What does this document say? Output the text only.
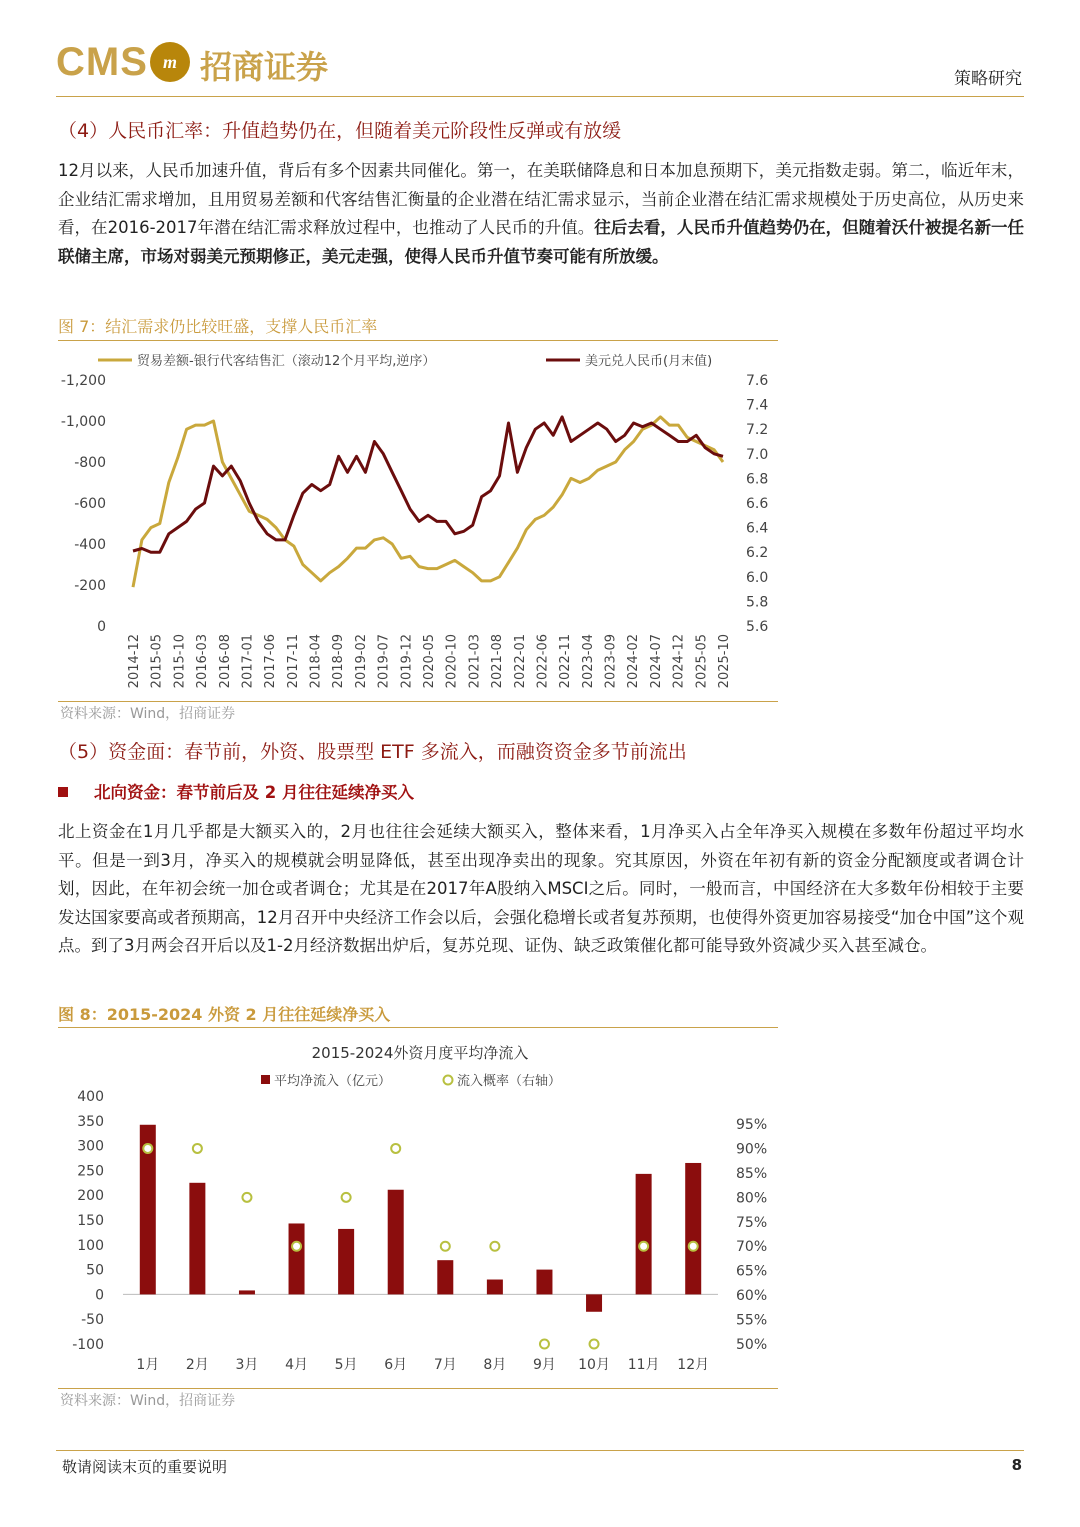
CMS m 招商证券	策略研究
（4）人民币汇率：升值趋势仍在，但随着美元阶段性反弹或有放缓
12月以来，人民币加速升值，背后有多个因素共同催化。第一，在美联储降息和日本加息预期下，美元指数走弱。第二，临近年末，企业结汇需求增加，且用贸易差额和代客结售汇衡量的企业潜在结汇需求显示，当前企业潜在结汇需求规模处于历史高位，从历史来看，在2016-2017年潜在结汇需求释放过程中，也推动了人民币的升值。往后去看，人民币升值趋势仍在，但随着沃什被提名新一任联储主席，市场对弱美元预期修正，美元走强，使得人民币升值节奏可能有所放缓。
图 7：结汇需求仍比较旺盛，支撑人民币汇率
贸易差额-银行代客结售汇（滚动12个月平均,逆序）	美元兑人民币(月末值)
-1,200
-1,000
-800
-600
-400
-200
0
7.6
7.4
7.2
7.0
6.8
6.6
6.4
6.2
6.0
5.8
5.6
2014-12 2015-05 2015-10 2016-03 2016-08 2017-01 2017-06 2017-11 2018-04 2018-09 2019-02 2019-07 2019-12 2020-05 2020-10 2021-03 2021-08 2022-01 2022-06 2022-11 2023-04 2023-09 2024-02 2024-07 2024-12 2025-05 2025-10
资料来源：Wind，招商证券
（5）资金面：春节前，外资、股票型 ETF 多流入，而融资资金多节前流出
北向资金：春节前后及 2 月往往延续净买入
北上资金在1月几乎都是大额买入的，2月也往往会延续大额买入，整体来看，1月净买入占全年净买入规模在多数年份超过平均水平。但是一到3月，净买入的规模就会明显降低，甚至出现净卖出的现象。究其原因，外资在年初有新的资金分配额度或者调仓计划，因此，在年初会统一加仓或者调仓；尤其是在2017年A股纳入MSCI之后。同时，一般而言，中国经济在大多数年份相较于主要发达国家要高或者预期高，12月召开中央经济工作会以后，会强化稳增长或者复苏预期，也使得外资更加容易接受“加仓中国”这个观点。到了3月两会召开后以及1-2月经济数据出炉后，复苏兑现、证伪、缺乏政策催化都可能导致外资减少买入甚至减仓。
图 8：2015-2024 外资 2 月往往延续净买入
2015-2024外资月度平均净流入
平均净流入（亿元）	流入概率（右轴）
400
350
300
250
200
150
100
50
0
-50
-100
95%
90%
85%
80%
75%
70%
65%
60%
55%
50%
1月 2月 3月 4月 5月 6月 7月 8月 9月 10月 11月 12月
资料来源：Wind，招商证券
敬请阅读末页的重要说明	8
